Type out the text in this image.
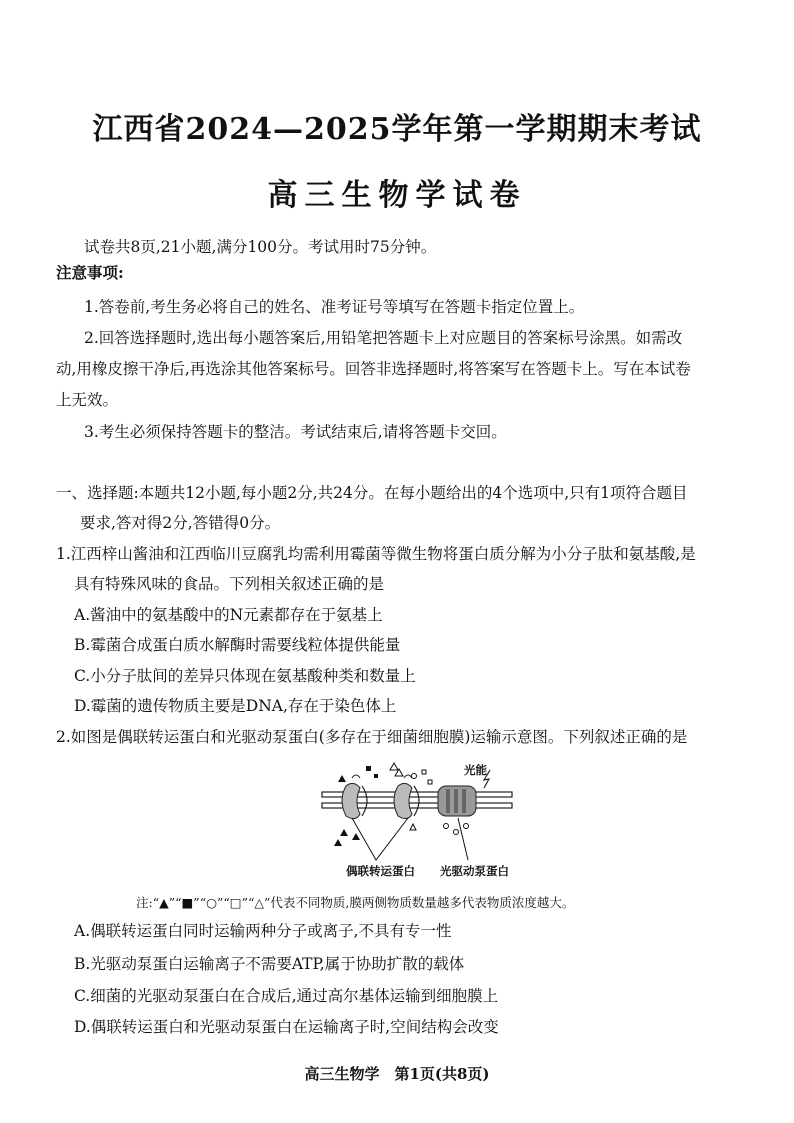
江西省2024—2025学年第一学期期末考试
高三生物学试卷
试卷共8页,21小题,满分100分。考试用时75分钟。
注意事项:
1.答卷前,考生务必将自己的姓名、准考证号等填写在答题卡指定位置上。
2.回答选择题时,选出每小题答案后,用铅笔把答题卡上对应题目的答案标号涂黑。如需改
动,用橡皮擦干净后,再选涂其他答案标号。回答非选择题时,将答案写在答题卡上。写在本试卷
上无效。
3.考生必须保持答题卡的整洁。考试结束后,请将答题卡交回。
一、选择题:本题共12小题,每小题2分,共24分。在每小题给出的4个选项中,只有1项符合题目
要求,答对得2分,答错得0分。
1.江西梓山酱油和江西临川豆腐乳均需利用霉菌等微生物将蛋白质分解为小分子肽和氨基酸,是
具有特殊风味的食品。下列相关叙述正确的是
A.酱油中的氨基酸中的N元素都存在于氨基上
B.霉菌合成蛋白质水解酶时需要线粒体提供能量
C.小分子肽间的差异只体现在氨基酸种类和数量上
D.霉菌的遗传物质主要是DNA,存在于染色体上
2.如图是偶联转运蛋白和光驱动泵蛋白(多存在于细菌细胞膜)运输示意图。下列叙述正确的是
光能
偶联转运蛋白 光驱动泵蛋白
注:“▲”“■”“○”“□”“△”代表不同物质,膜两侧物质数量越多代表物质浓度越大。
A.偶联转运蛋白同时运输两种分子或离子,不具有专一性
B.光驱动泵蛋白运输离子不需要ATP,属于协助扩散的载体
C.细菌的光驱动泵蛋白在合成后,通过高尔基体运输到细胞膜上
D.偶联转运蛋白和光驱动泵蛋白在运输离子时,空间结构会改变
高三生物学　第1页(共8页)
